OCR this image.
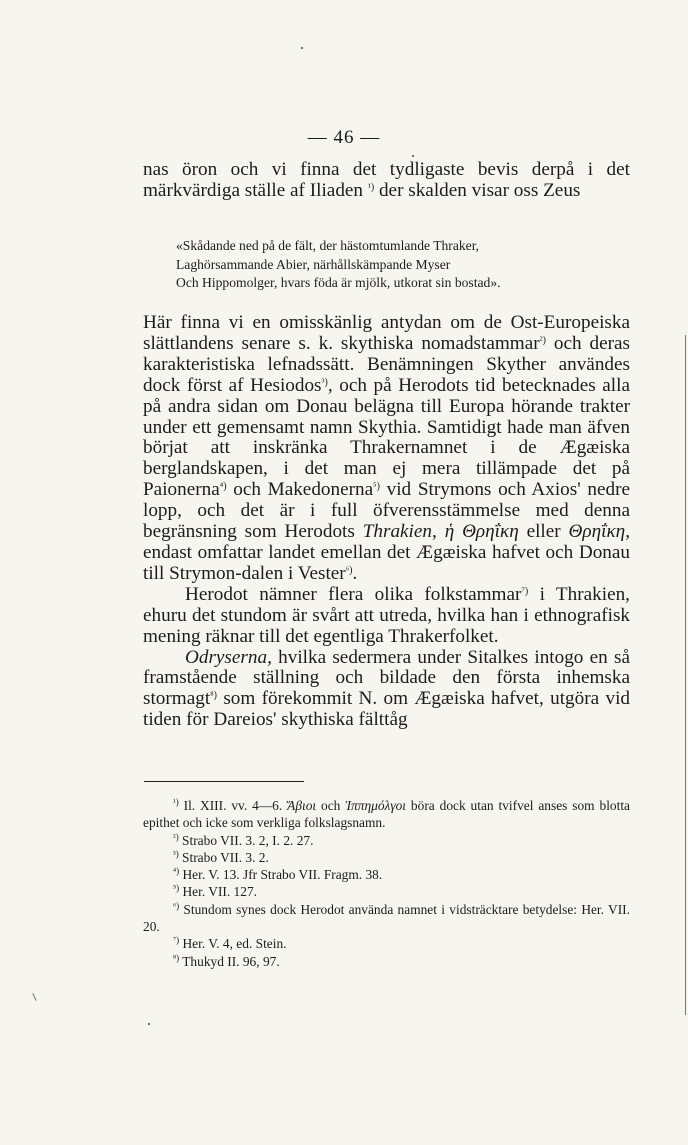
— 46 —
nas öron och vi finna det tydligaste bevis derpå i det märkvärdiga ställe af Iliaden $^{^1)}$ der skalden visar oss Zeus
«Skådande ned på de fält, der hästomtumlande Thraker,
Laghörsammande Abier, närhållskämpande Myser
Och Hippomolger, hvars föda är mjölk, utkorat sin bostad».

Här finna vi en omisskänlig antydan om de Ost-Europeiska slättlandens senare s. k. skythiska nomadstammar$^{^2)}$ och deras karakteristiska lefnadssätt. Benämningen Skyther användes dock först af Hesiodos$^{^3)}$, och på Herodots tid betecknades alla på andra sidan om Donau belägna till Europa hörande trakter under ett gemensamt namn Skythia. Samtidigt hade man äfven börjat att inskränka Thrakernamnet i de Ægæiska berglandskapen, i det man ej mera tillämpade det på Paionerna$^{^4)}$ och Makedonerna$^{^5)}$ vid Strymons och Axios' nedre lopp, och det är i full öfverensstämmelse med denna begränsning som Herodots Thrakien, ἡ Θρηΐκη eller Θρηΐκη, endast omfattar landet emellan det Ægæiska hafvet och Donau till Strymon-dalen i Vester$^{^6)}$.

Herodot nämner flera olika folkstammar$^{^7)}$ i Thrakien, ehuru det stundom är svårt att utreda, hvilka han i ethnografisk mening räknar till det egentliga Thrakerfolket.

Odryserna, hvilka sedermera under Sitalkes intogo en så framstående ställning och bildade den första inhemska stormagt$^{^8)}$ som förekommit N. om Ægæiska hafvet, utgöra vid tiden för Dareios' skythiska fälttåg

$^{^1)}$ Il. XIII. vv. 4—6. Ἄβιοι och Ἱππημόλγοι böra dock utan tvifvel anses som blotta epithet och icke som verkliga folkslagsnamn.
$^{^2)}$ Strabo VII. 3. 2, I. 2. 27.
$^{^3)}$ Strabo VII. 3. 2.
$^{^4)}$ Her. V. 13. Jfr Strabo VII. Fragm. 38.
$^{^5)}$ Her. VII. 127.
$^{^6)}$ Stundom synes dock Herodot använda namnet i vidsträcktare betydelse: Her. VII. 20.
$^{^7)}$ Her. V. 4, ed. Stein.
$^{^8)}$ Thukyd II. 96, 97.
